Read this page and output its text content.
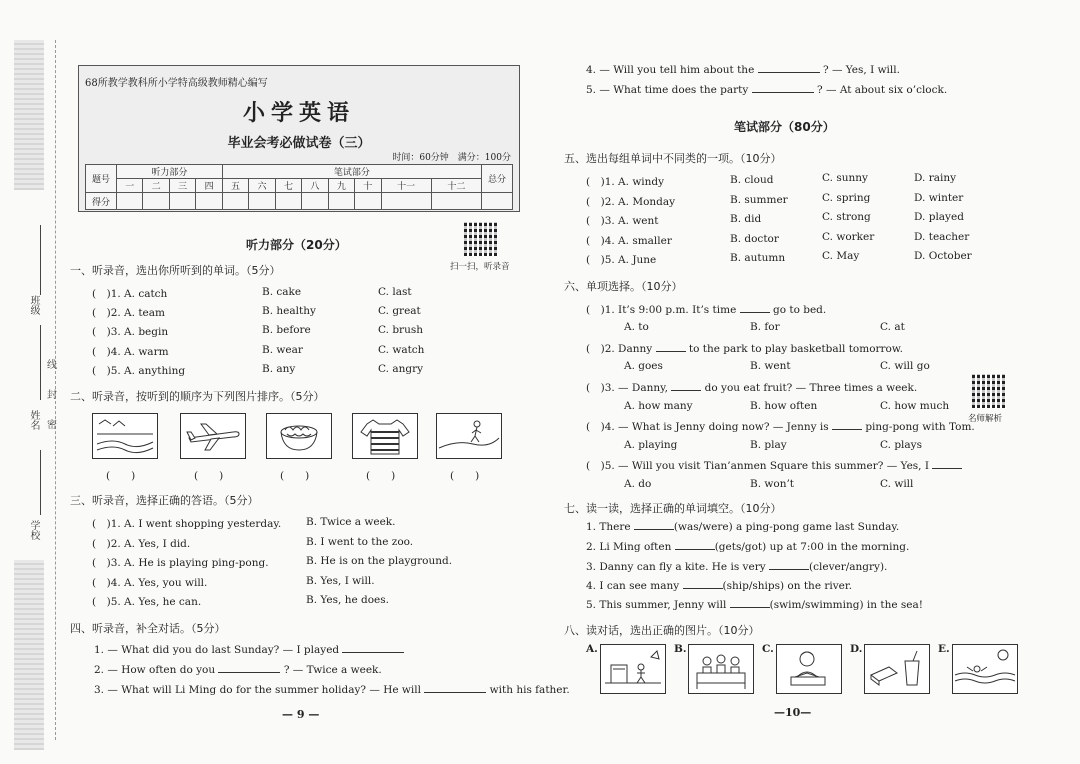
班级
姓名
学校
线
封
密
68所教学教科所小学特高级教师精心编写
小学英语
毕业会考必做试卷（三）
时间：60分钟　满分：100分
题号	听力部分				笔试部分								总分
	一	二	三	四	五	六	七	八	九	十	十一	十二	
得分													
听力部分（20分）
扫一扫，听录音
一、听录音，选出你所听到的单词。（5分）
(　)1. A. catch	B. cake	C. last
(　)2. A. team	B. healthy	C. great
(　)3. A. begin	B. before	C. brush
(　)4. A. warm	B. wear	C. watch
(　)5. A. anything	B. any	C. angry
二、听录音，按听到的顺序为下列图片排序。（5分）
(　　)	(　　)	(　　)	(　　)	(　　)
三、听录音，选择正确的答语。（5分）
(　)1. A. I went shopping yesterday. B. Twice a week.
(　)2. A. Yes, I did.	B. I went to the zoo.
(　)3. A. He is playing ping-pong.	B. He is on the playground.
(　)4. A. Yes, you will.	B. Yes, I will.
(　)5. A. Yes, he can.	B. Yes, he does.
四、听录音，补全对话。（5分）
1. — What did you do last Sunday? — I played
2. — How often do you	? — Twice a week.
3. — What will Li Ming do for the summer holiday? — He will	with his father.
— 9 —
4. — Will you tell him about the	? — Yes, I will.
5. — What time does the party	? — At about six o’clock.
笔试部分（80分）
五、选出每组单词中不同类的一项。（10分）
(　)1. A. windy	B. cloud	C. sunny	D. rainy
(　)2. A. Monday	B. summer	C. spring	D. winter
(　)3. A. went	B. did	C. strong	D. played
(　)4. A. smaller	B. doctor	C. worker	D. teacher
(　)5. A. June	B. autumn	C. May	D. October
六、单项选择。（10分）
(　)1. It’s 9:00 p.m. It’s time	go to bed.
A. to	B. for	C. at
(　)2. Danny	to the park to play basketball tomorrow.
A. goes	B. went	C. will go
(　)3. — Danny,	do you eat fruit? — Three times a week.
A. how many	B. how often	C. how much
(　)4. — What is Jenny doing now? — Jenny is	ping-pong with Tom.
A. playing	B. play	C. plays
(　)5. — Will you visit Tian’anmen Square this summer? — Yes, I
A. do	B. won’t	C. will
名师解析
七、读一读，选择正确的单词填空。（10分）
1. There	(was/were) a ping-pong game last Sunday.
2. Li Ming often	(gets/got) up at 7:00 in the morning.
3. Danny can fly a kite. He is very	(clever/angry).
4. I can see many	(ship/ships) on the river.
5. This summer, Jenny will	(swim/swimming) in the sea!
八、读对话，选出正确的图片。（10分）
A.	B.	C.	D.	E.
—10—
